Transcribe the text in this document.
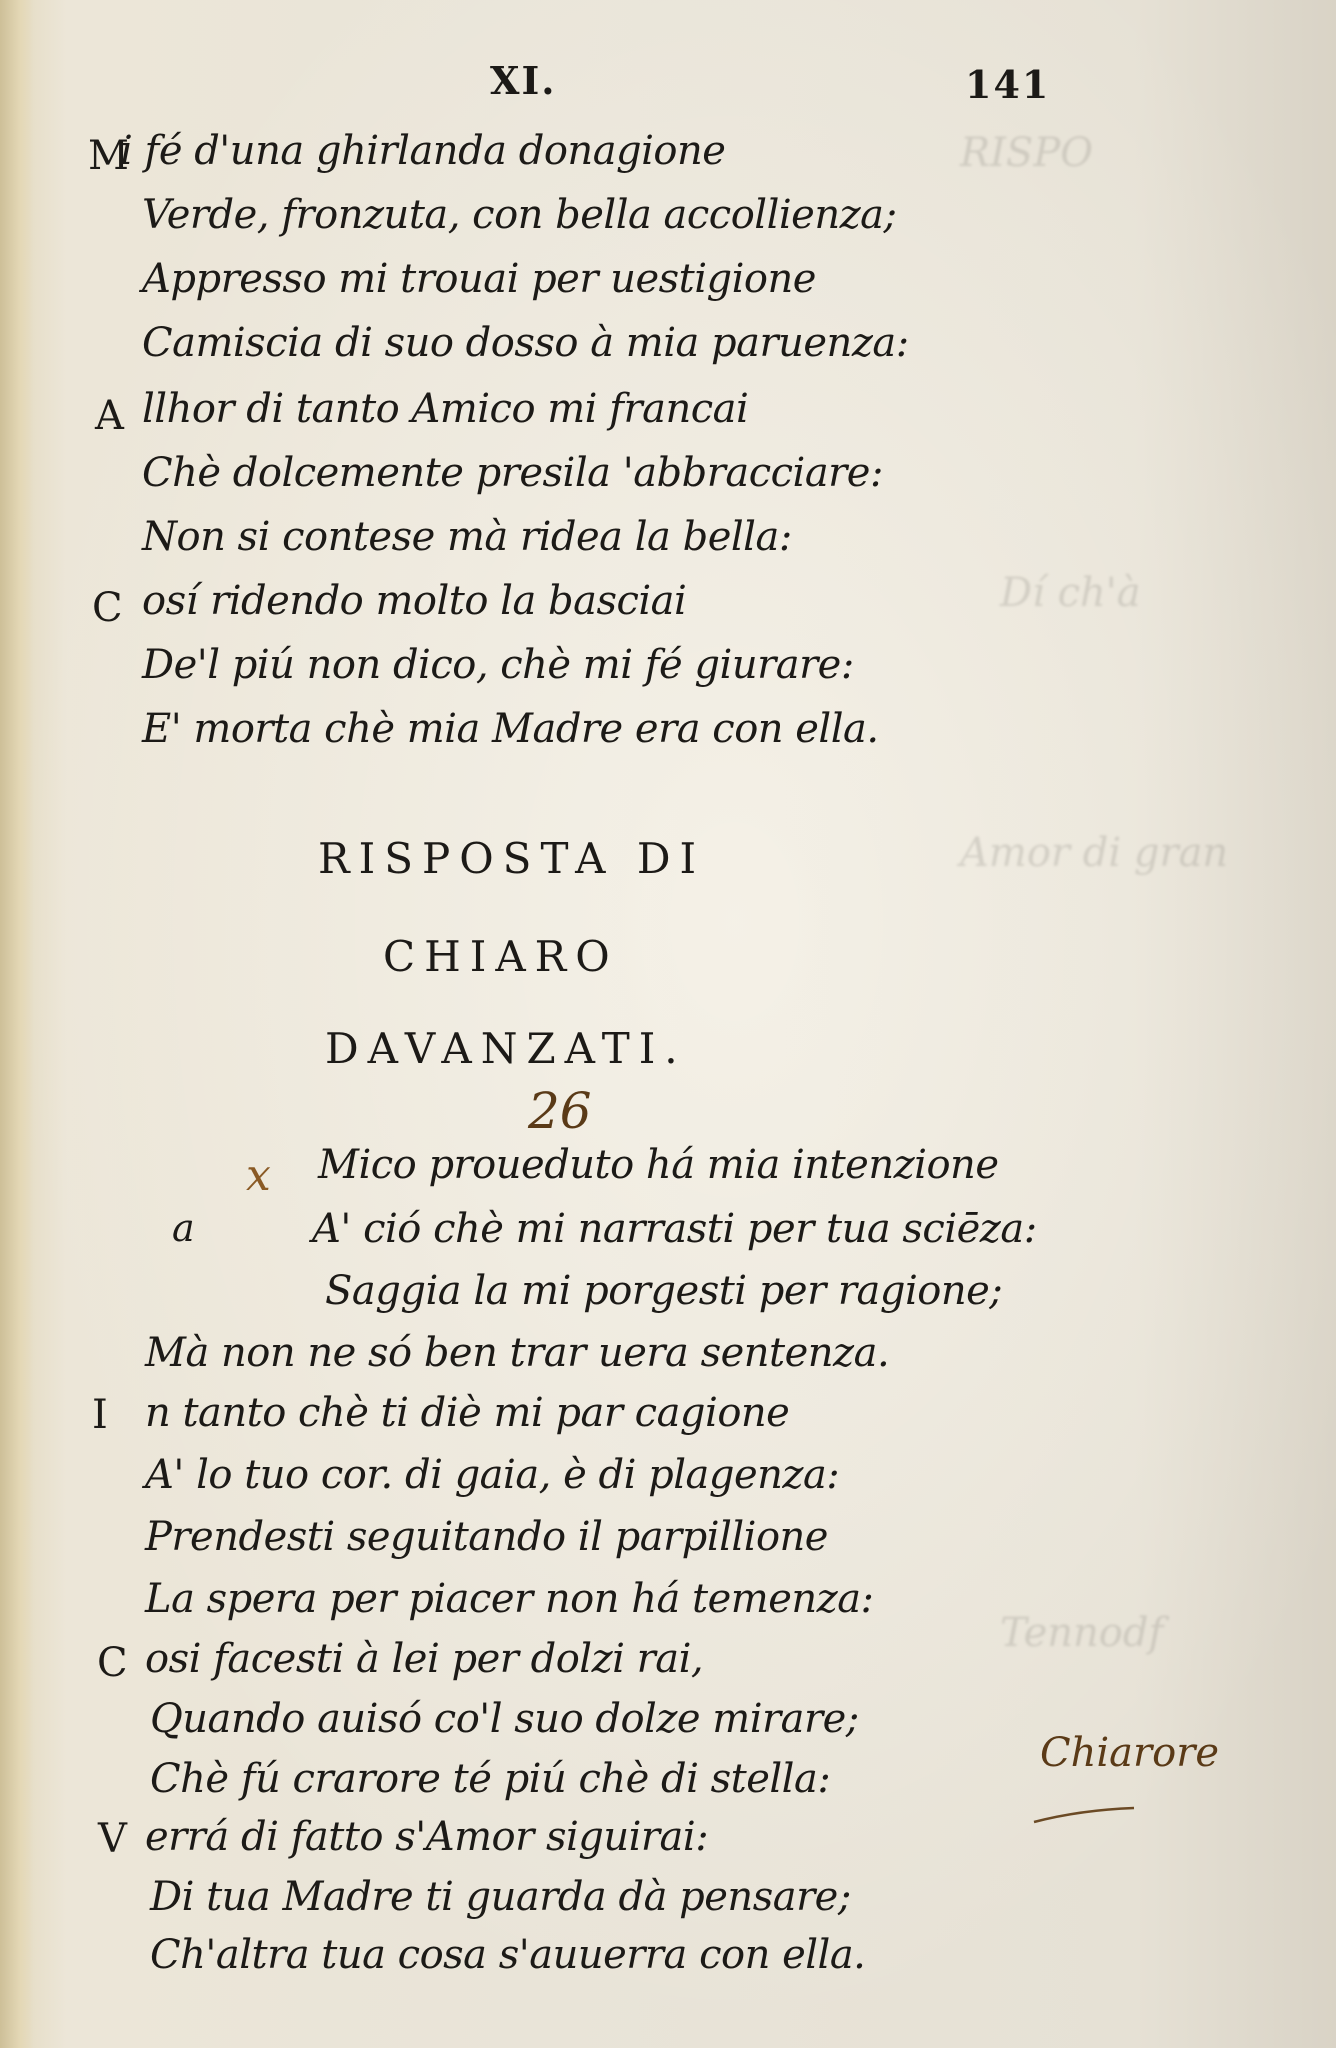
RISPO
Dí ch'à
Amor di gran
Tennodf
XI.	141
M
i fé d'una ghirlanda donagione
Verde, fronzuta, con bella accollienza;
Appresso mi trouai per uestigione
Camiscia di suo dosso à mia paruenza:
A llhor di tanto Amico mi francai
Chè dolcemente presila 'abbracciare:
Non si contese mà ridea la bella:
C osí ridendo molto la basciai
De'l piú non dico, chè mi fé giurare:
E' morta chè mia Madre era con ella.
RISPOSTA DI
CHIARO
DAVANZATI.
26
x
a
Chiarore
Mico proueduto há mia intenzione
A' ció chè mi narrasti per tua sciēza:
Saggia la mi porgesti per ragione;
Mà non ne só ben trar uera sentenza.
I n tanto chè ti diè mi par cagione
A' lo tuo cor. di gaia, è di plagenza:
Prendesti seguitando il parpillione
La spera per piacer non há temenza:
C osi facesti à lei per dolzi rai,
Quando auisó co'l suo dolze mirare;
Chè fú crarore té piú chè di stella:
V errá di fatto s'Amor siguirai:
Di tua Madre ti guarda dà pensare;
Ch'altra tua cosa s'auuerra con ella.
